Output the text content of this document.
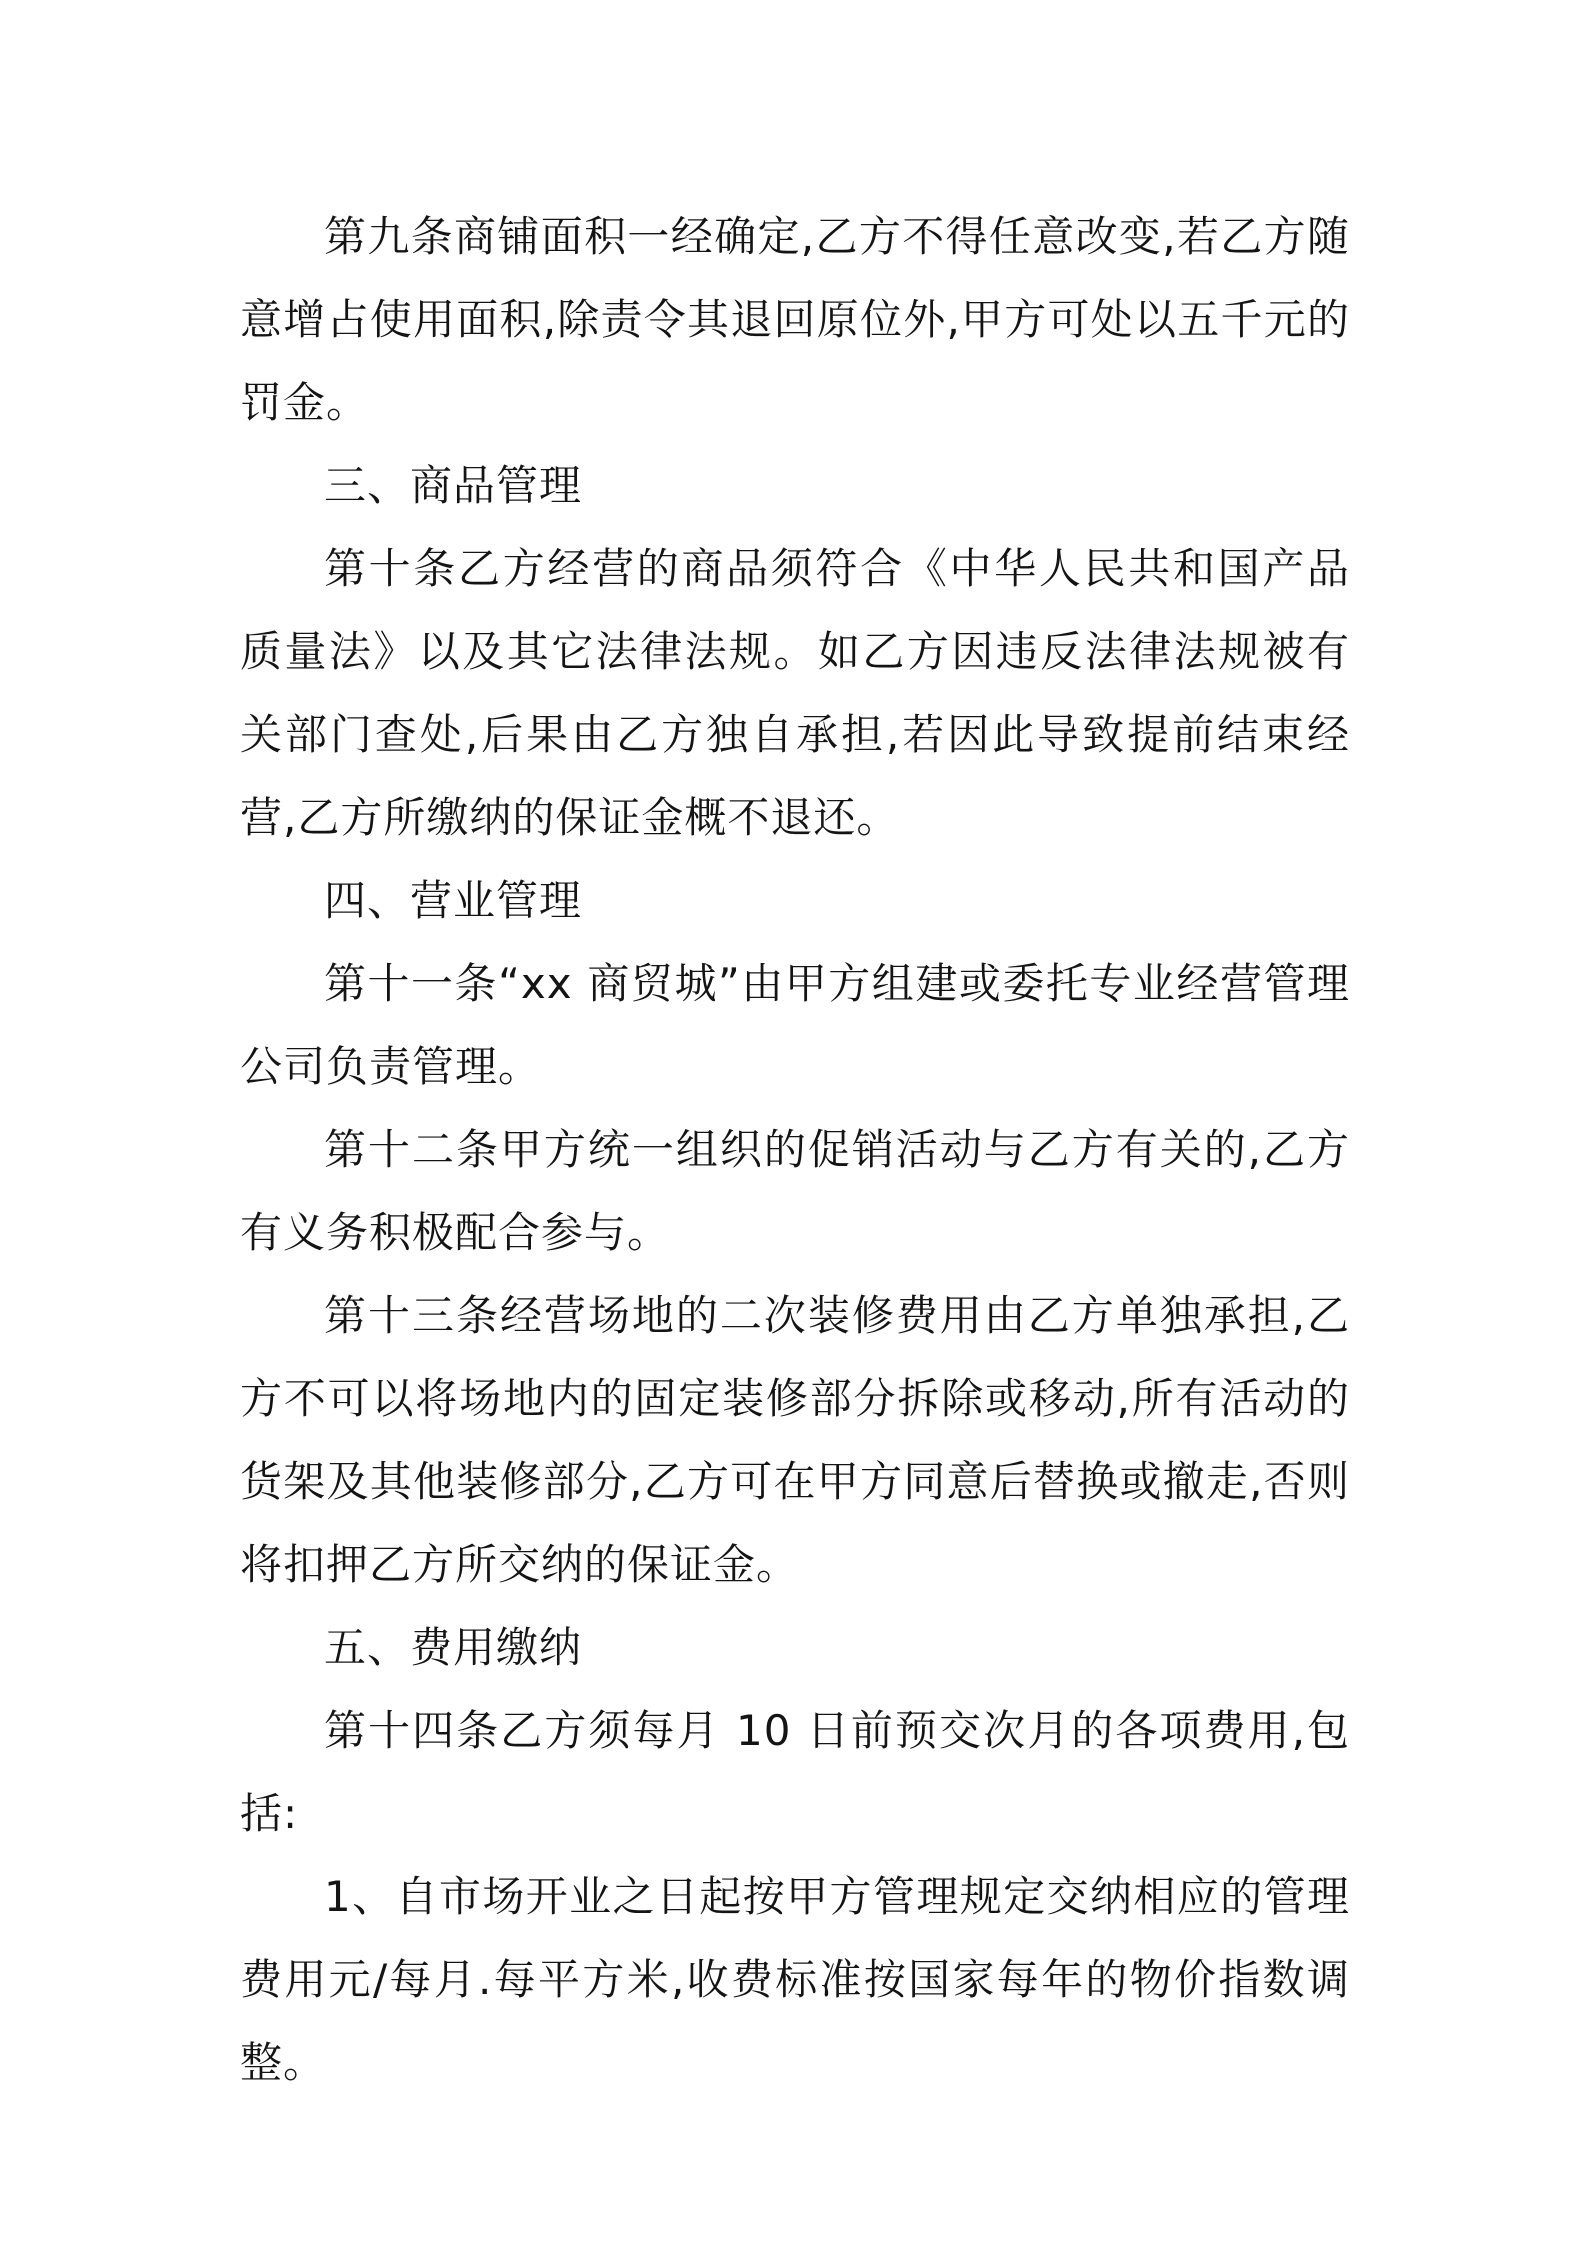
第九条商铺面积一经确定,乙方不得任意改变,若乙方随意增占使用面积,除责令其退回原位外,甲方可处以五千元的罚金。

三、商品管理

第十条乙方经营的商品须符合《中华人民共和国产品质量法》以及其它法律法规。如乙方因违反法律法规被有关部门查处,后果由乙方独自承担,若因此导致提前结束经营,乙方所缴纳的保证金概不退还。

四、营业管理

第十一条“xx 商贸城”由甲方组建或委托专业经营管理公司负责管理。

第十二条甲方统一组织的促销活动与乙方有关的,乙方有义务积极配合参与。

第十三条经营场地的二次装修费用由乙方单独承担,乙方不可以将场地内的固定装修部分拆除或移动,所有活动的货架及其他装修部分,乙方可在甲方同意后替换或撤走,否则将扣押乙方所交纳的保证金。

五、费用缴纳

第十四条乙方须每月 10 日前预交次月的各项费用,包括:

1、自市场开业之日起按甲方管理规定交纳相应的管理费用元/每月.每平方米,收费标准按国家每年的物价指数调整。
